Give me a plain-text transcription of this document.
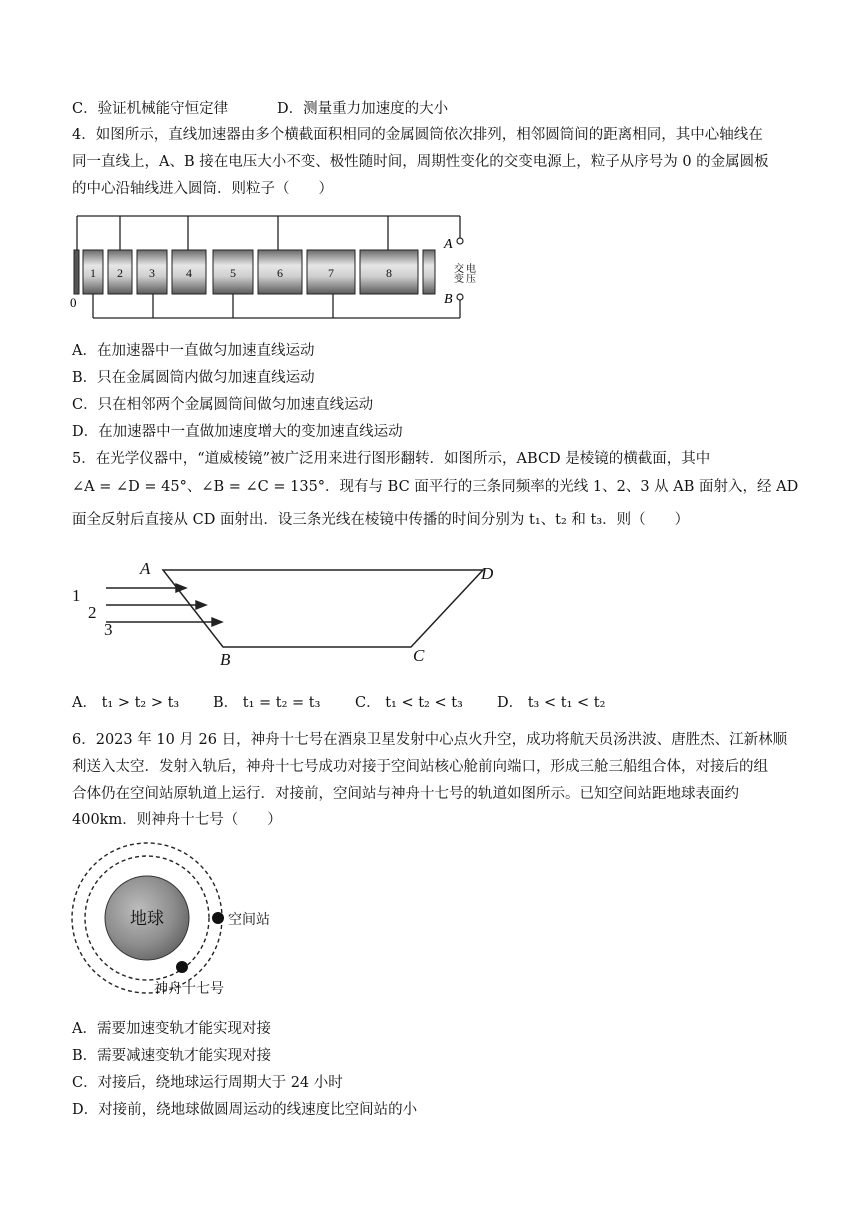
C．验证机械能守恒定律	D．测量重力加速度的大小
4．如图所示，直线加速器由多个横截面积相同的金属圆筒依次排列，相邻圆筒间的距离相同，其中心轴线在
同一直线上，A、B 接在电压大小不变、极性随时间，周期性变化的交变电源上，粒子从序号为 0 的金属圆板
的中心沿轴线进入圆筒．则粒子（　　）
0
1 2 3	4	5	6	7	8
A
B
交变 电压
A．在加速器中一直做匀加速直线运动
B．只在金属圆筒内做匀加速直线运动
C．只在相邻两个金属圆筒间做匀加速直线运动
D．在加速器中一直做加速度增大的变加速直线运动
5．在光学仪器中，“道威棱镜”被广泛用来进行图形翻转．如图所示，ABCD 是棱镜的横截面，其中
∠A = ∠D = 45°、∠B = ∠C = 135°．现有与 BC 面平行的三条同频率的光线 1、2、3 从 AB 面射入，经 AD
面全反射后直接从 CD 面射出．设三条光线在棱镜中传播的时间分别为 t₁、t₂ 和 t₃．则（　　）
A
B	C
D
1
2
3
A． t₁ > t₂ > t₃ B． t₁ = t₂ = t₃ C． t₁ < t₂ < t₃ D． t₃ < t₁ < t₂
6．2023 年 10 月 26 日，神舟十七号在酒泉卫星发射中心点火升空，成功将航天员汤洪波、唐胜杰、江新林顺
利送入太空．发射入轨后，神舟十七号成功对接于空间站核心舱前向端口，形成三舱三船组合体，对接后的组
合体仍在空间站原轨道上运行．对接前，空间站与神舟十七号的轨道如图所示。已知空间站距地球表面约
400km．则神舟十七号（　　）
地球	空间站
神舟十七号
A．需要加速变轨才能实现对接
B．需要减速变轨才能实现对接
C．对接后，绕地球运行周期大于 24 小时
D．对接前，绕地球做圆周运动的线速度比空间站的小
